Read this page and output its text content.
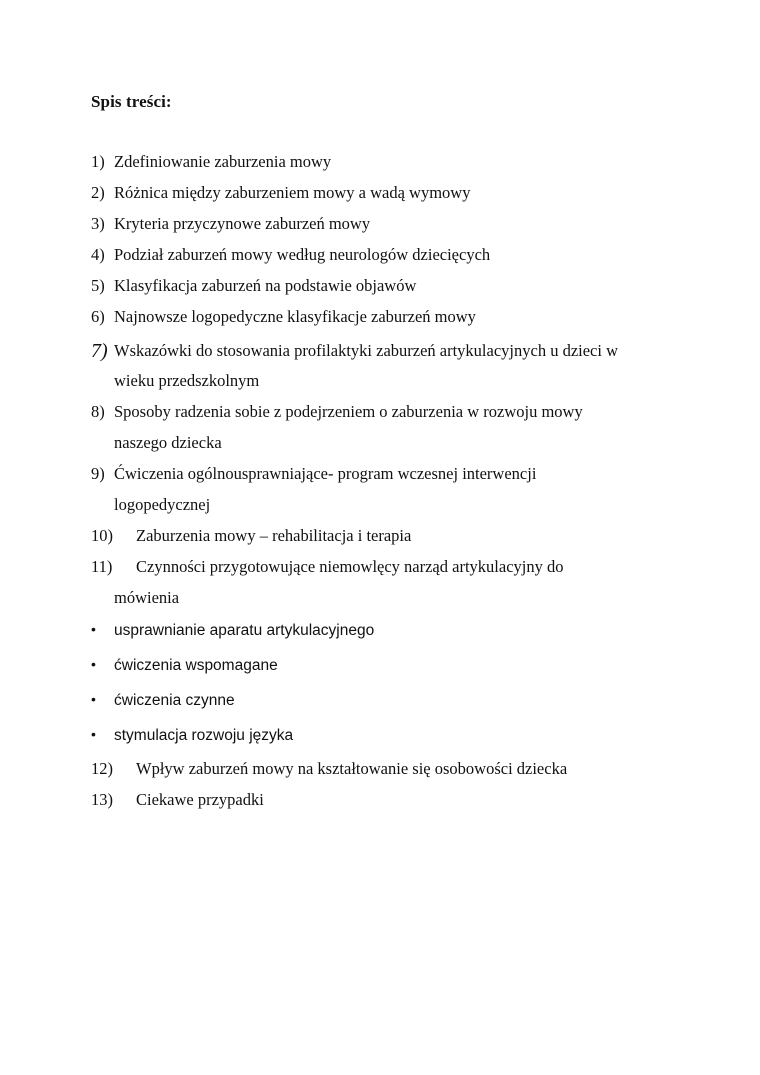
Spis treści:
1) Zdefiniowanie zaburzenia mowy
2) Różnica między zaburzeniem mowy a wadą wymowy
3) Kryteria przyczynowe zaburzeń mowy
4) Podział zaburzeń mowy według neurologów dziecięcych
5) Klasyfikacja zaburzeń na podstawie objawów
6) Najnowsze logopedyczne klasyfikacje zaburzeń mowy
7) Wskazówki do stosowania profilaktyki zaburzeń artykulacyjnych u dzieci w
wieku przedszkolnym
8) Sposoby radzenia sobie z podejrzeniem o zaburzenia w rozwoju mowy
naszego dziecka
9) Ćwiczenia ogólnousprawniające- program wczesnej interwencji
logopedycznej
10) Zaburzenia mowy – rehabilitacja i terapia
11) Czynności przygotowujące niemowlęcy narząd artykulacyjny do
mówienia
• usprawnianie aparatu artykulacyjnego
• ćwiczenia wspomagane
• ćwiczenia czynne
• stymulacja rozwoju języka
12) Wpływ zaburzeń mowy na kształtowanie się osobowości dziecka
13) Ciekawe przypadki
